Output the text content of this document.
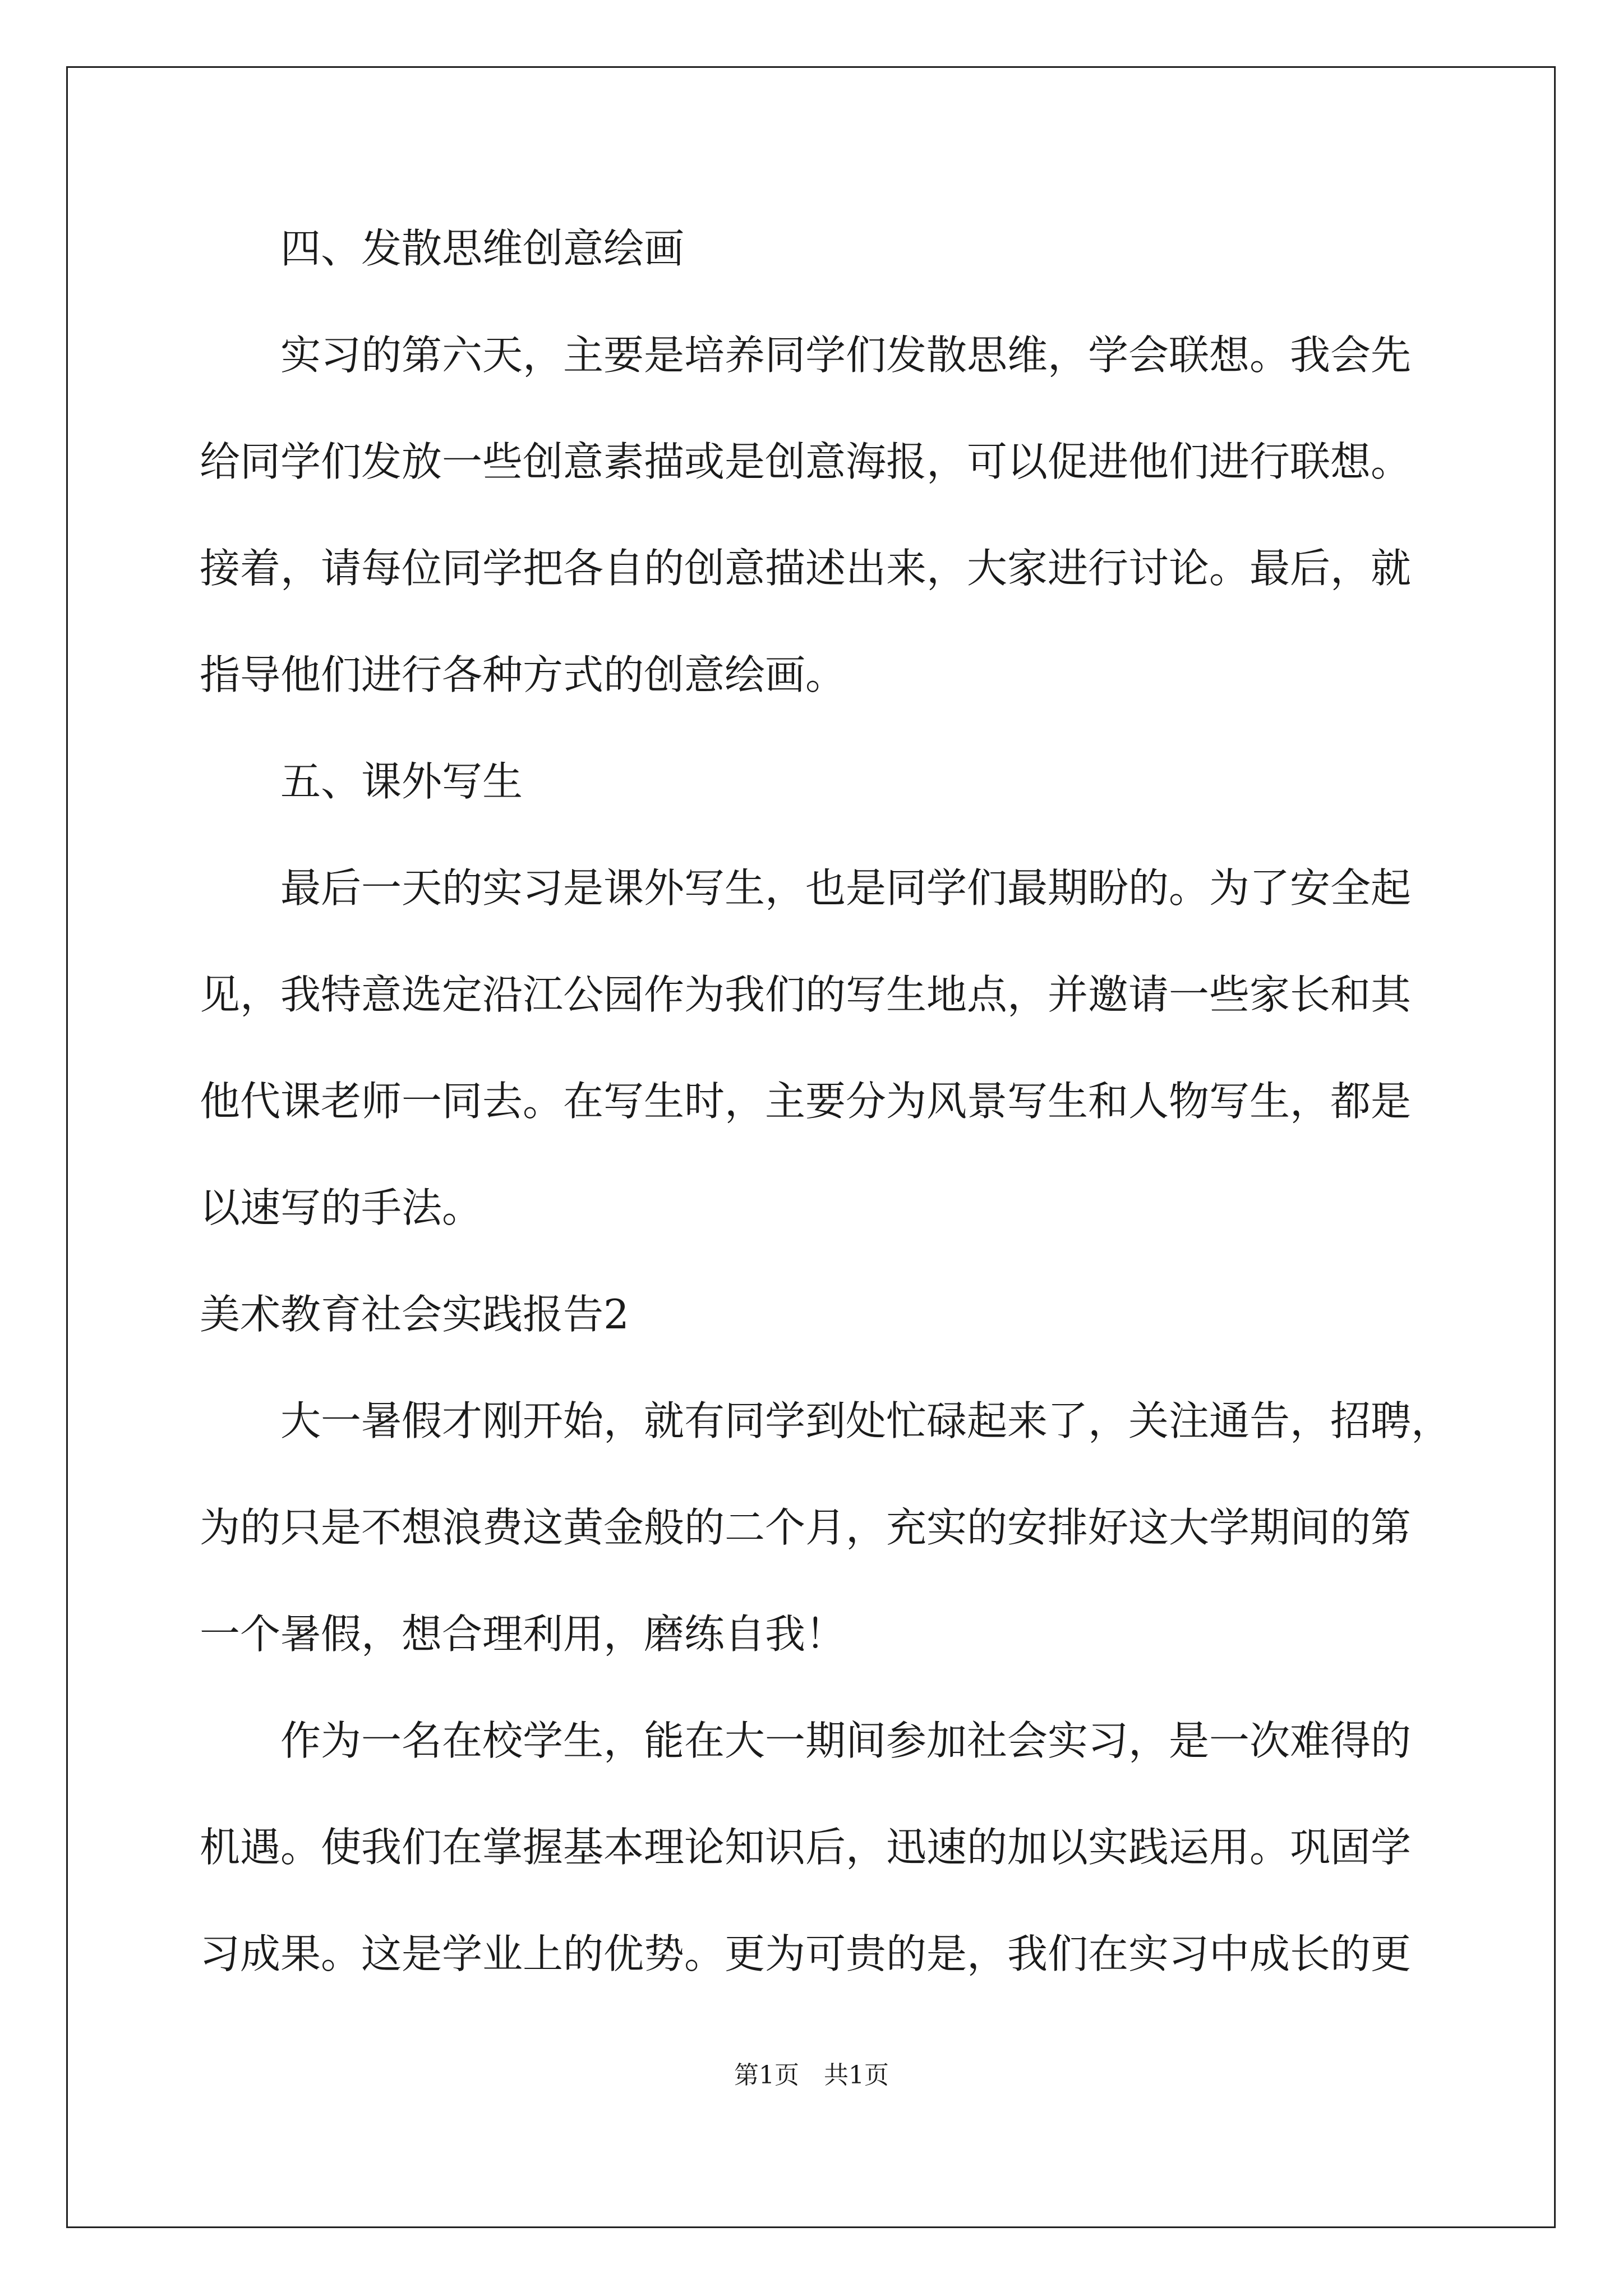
四、发散思维创意绘画
实习的第六天，主要是培养同学们发散思维，学会联想。我会先
给同学们发放一些创意素描或是创意海报，可以促进他们进行联想。
接着，请每位同学把各自的创意描述出来，大家进行讨论。最后，就
指导他们进行各种方式的创意绘画。
五、课外写生
最后一天的实习是课外写生，也是同学们最期盼的。为了安全起
见，我特意选定沿江公园作为我们的写生地点，并邀请一些家长和其
他代课老师一同去。在写生时，主要分为风景写生和人物写生，都是
以速写的手法。
美术教育社会实践报告2
大一暑假才刚开始，就有同学到处忙碌起来了，关注通告，招聘，
为的只是不想浪费这黄金般的二个月，充实的安排好这大学期间的第
一个暑假，想合理利用，磨练自我！
作为一名在校学生，能在大一期间参加社会实习，是一次难得的
机遇。使我们在掌握基本理论知识后，迅速的加以实践运用。巩固学
习成果。这是学业上的优势。更为可贵的是，我们在实习中成长的更
第1页　共1页
